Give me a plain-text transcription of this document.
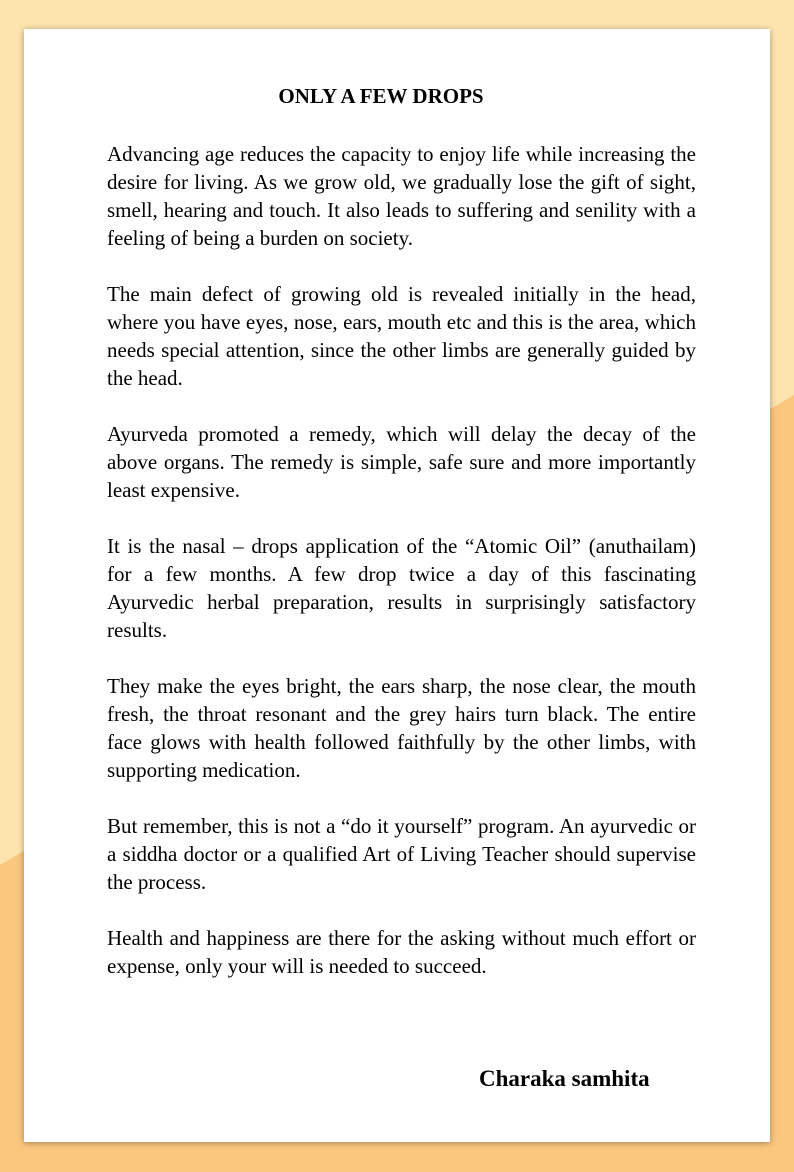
ONLY A FEW DROPS

Advancing age reduces the capacity to enjoy life while increasing the desire for living. As we grow old, we gradually lose the gift of sight, smell, hearing and touch. It also leads to suffering and senility with a feeling of being a burden on society.

The main defect of growing old is revealed initially in the head, where you have eyes, nose, ears, mouth etc and this is the area, which needs special attention, since the other limbs are generally guided by the head.

Ayurveda promoted a remedy, which will delay the decay of the above organs. The remedy is simple, safe sure and more importantly least expensive.

It is the nasal – drops application of the “Atomic Oil” (anuthailam) for a few months. A few drop twice a day of this fascinating Ayurvedic herbal preparation, results in surprisingly satisfactory results.

They make the eyes bright, the ears sharp, the nose clear, the mouth fresh, the throat resonant and the grey hairs turn black. The entire face glows with health followed faithfully by the other limbs, with supporting medication.

But remember, this is not a “do it yourself” program. An ayurvedic or a siddha doctor or a qualified Art of Living Teacher should supervise the process.

Health and happiness are there for the asking without much effort or expense, only your will is needed to succeed.

Charaka samhita
